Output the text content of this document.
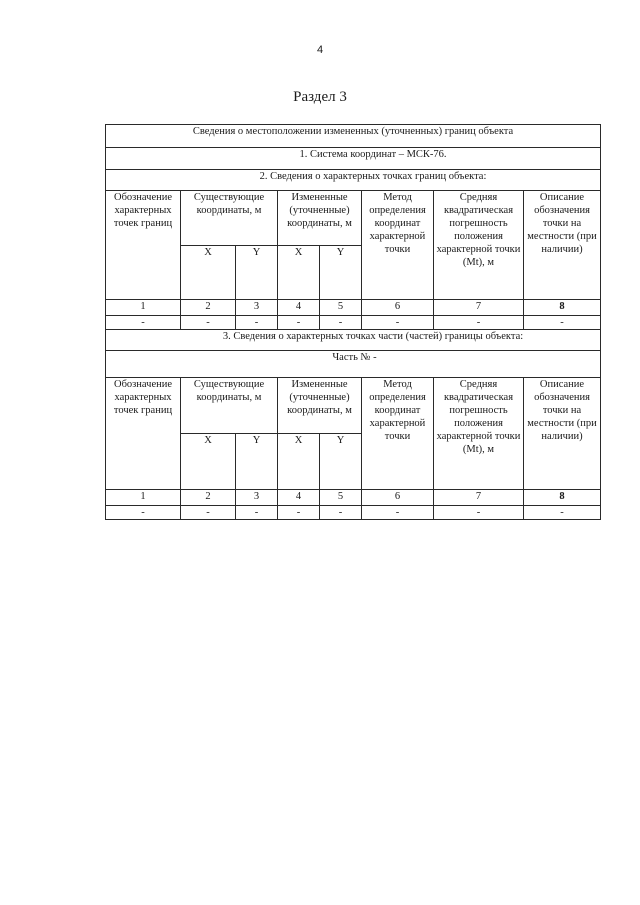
4
Раздел 3
Сведения о местоположении измененных (уточненных) границ объекта							
1. Система координат – МСК-76.							
2. Сведения о характерных точках границ объекта:							
Обозначение характерных точек границ	Существующие координаты, м		Измененные (уточненные) координаты, м		Метод определения координат характерной точки	Средняя квадратическая погрешность положения характерной точки (Mt), м	Описание обозначения точки на местности (при наличии)
	X	Y	X	Y			
1	2	3	4	5	6	7	8
-	-	-	-	-	-	-	-
3. Сведения о характерных точках части (частей) границы объекта:							
Часть № -							
Обозначение характерных точек границ	Существующие координаты, м		Измененные (уточненные) координаты, м		Метод определения координат характерной точки	Средняя квадратическая погрешность положения характерной точки (Mt), м	Описание обозначения точки на местности (при наличии)
	X	Y	X	Y			
1	2	3	4	5	6	7	8
-	-	-	-	-	-	-	-
